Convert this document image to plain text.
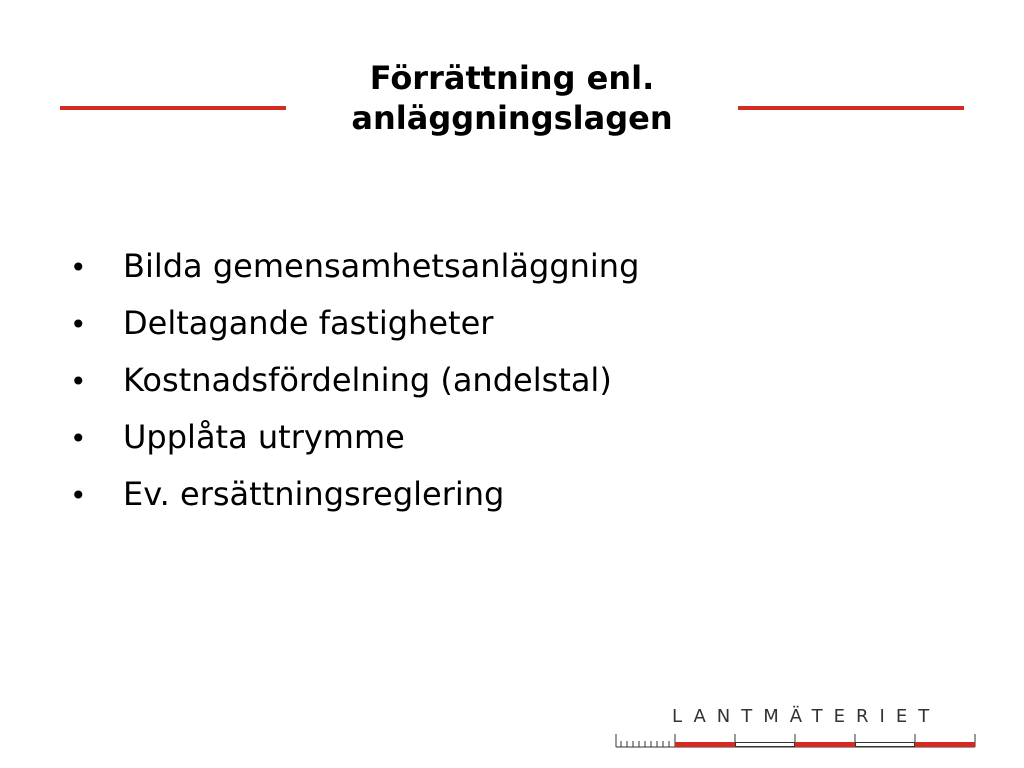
Förrättning enl.
anläggningslagen
• Bilda gemensamhetsanläggning
• Deltagande fastigheter
• Kostnadsfördelning (andelstal)
• Upplåta utrymme
• Ev. ersättningsreglering
LANTMÄTERIET
